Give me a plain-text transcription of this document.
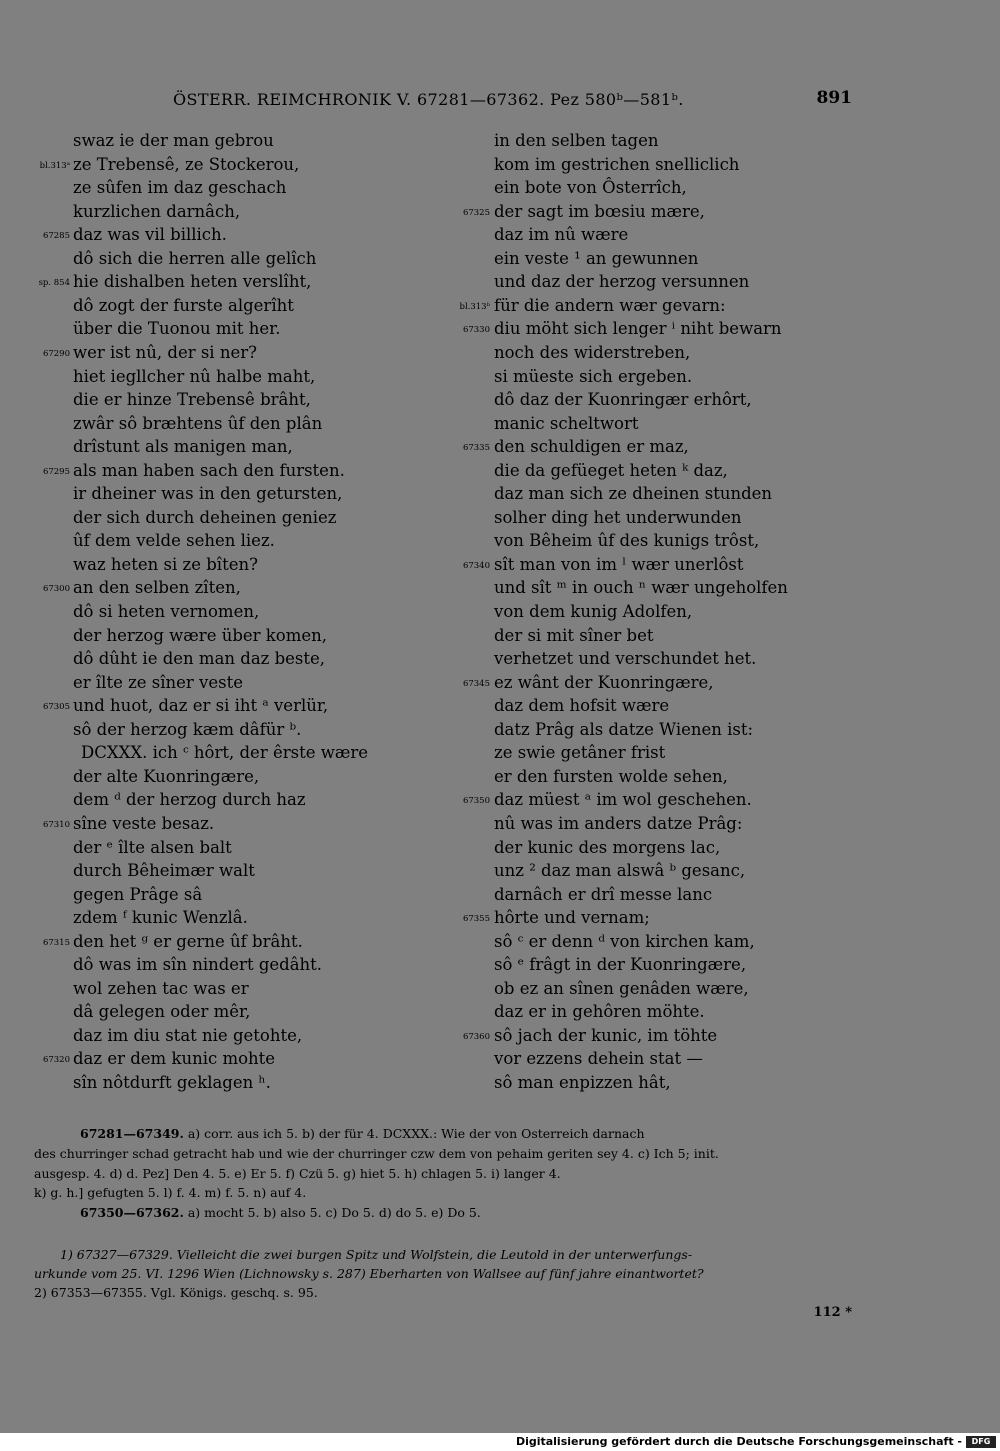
ÖSTERR. REIMCHRONIK V. 67281—67362. Pez 580ᵇ—581ᵇ.	891
swaz ie der man gebrou
bl.313ᵃ ze Trebensê, ze Stockerou,
ze sûfen im daz geschach
kurzlichen darnâch,
67285 daz was vil billich.
dô sich die herren alle gelîch
sp. 854 hie dishalben heten verslîht,
dô zogt der furste algerîht
über die Tuonou mit her.
67290 wer ist nû, der si ner?
hiet iegllcher nû halbe maht,
die er hinze Trebensê brâht,
zwâr sô bræhtens ûf den plân
drîstunt als manigen man,
67295 als man haben sach den fursten.
ir dheiner was in den getursten,
der sich durch deheinen geniez
ûf dem velde sehen liez.
waz heten si ze bîten?
67300 an den selben zîten,
dô si heten vernomen,
der herzog wære über komen,
dô dûht ie den man daz beste,
er îlte ze sîner veste
67305 und huot, daz er si iht ᵃ verlür,
sô der herzog kæm dâfür ᵇ.
DCXXX. ich ᶜ hôrt, der êrste wære
der alte Kuonringære,
dem ᵈ der herzog durch haz
67310 sîne veste besaz.
der ᵉ îlte alsen balt
durch Bêheimær walt
gegen Prâge sâ
zdem ᶠ kunic Wenzlâ.
67315 den het ᵍ er gerne ûf brâht.
dô was im sîn nindert gedâht.
wol zehen tac was er
dâ gelegen oder mêr,
daz im diu stat nie getohte,
67320 daz er dem kunic mohte
sîn nôtdurft geklagen ʰ.
in den selben tagen
kom im gestrichen snelliclich
ein bote von Ôsterrîch,
67325 der sagt im bœsiu mære,
daz im nû wære
ein veste ¹ an gewunnen
und daz der herzog versunnen
bl.313ᵇ für die andern wær gevarn:
67330 diu möht sich lenger ⁱ niht bewarn
noch des widerstreben,
si müeste sich ergeben.
dô daz der Kuonringær erhôrt,
manic scheltwort
67335 den schuldigen er maz,
die da gefüeget heten ᵏ daz,
daz man sich ze dheinen stunden
solher ding het underwunden
von Bêheim ûf des kunigs trôst,
67340 sît man von im ˡ wær unerlôst
und sît ᵐ in ouch ⁿ wær ungeholfen
von dem kunig Adolfen,
der si mit sîner bet
verhetzet und verschundet het.
67345 ez wânt der Kuonringære,
daz dem hofsit wære
datz Prâg als datze Wienen ist:
ze swie getâner frist
er den fursten wolde sehen,
67350 daz müest ᵃ im wol geschehen.
nû was im anders datze Prâg:
der kunic des morgens lac,
unz ² daz man alswâ ᵇ gesanc,
darnâch er drî messe lanc
67355 hôrte und vernam;
sô ᶜ er denn ᵈ von kirchen kam,
sô ᵉ frâgt in der Kuonringære,
ob ez an sînen genâden wære,
daz er in gehôren möhte.
67360 sô jach der kunic, im töhte
vor ezzens dehein stat —
sô man enpizzen hât,
67281—67349. a) corr. aus ich 5. b) der für 4. DCXXX.: Wie der von Osterreich darnach
des churringer schad getracht hab und wie der churringer czw dem von pehaim geriten sey 4. c) Ich 5; init.
ausgesp. 4. d) d. Pez] Den 4. 5. e) Er 5. f) Czü 5. g) hiet 5. h) chlagen 5. i) langer 4.
k) g. h.] gefugten 5. l) f. 4. m) f. 5. n) auf 4.
67350—67362. a) mocht 5. b) also 5. c) Do 5. d) do 5. e) Do 5.
1) 67327—67329. Vielleicht die zwei burgen Spitz und Wolfstein, die Leutold in der unterwerfungs-
urkunde vom 25. VI. 1296 Wien (Lichnowsky s. 287) Eberharten von Wallsee auf fünf jahre einantwortet?
2) 67353—67355. Vgl. Königs. geschq. s. 95.
112 *
Digitalisierung gefördert durch die Deutsche Forschungsgemeinschaft -	DFG
